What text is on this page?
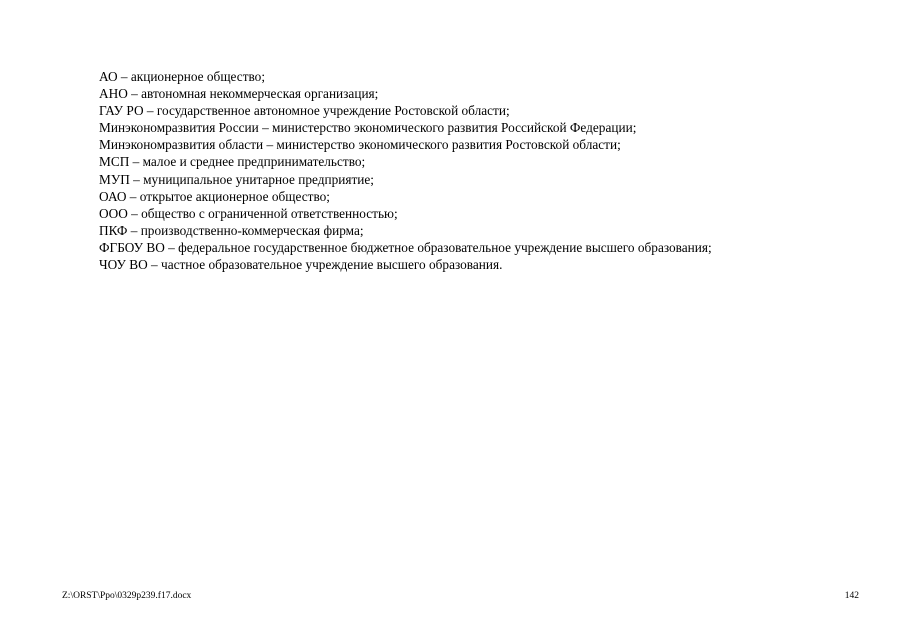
АО – акционерное общество;
АНО – автономная некоммерческая организация;
ГАУ РО – государственное автономное учреждение Ростовской области;
Минэкономразвития России – министерство экономического развития Российской Федерации;
Минэкономразвития области – министерство экономического развития Ростовской области;
МСП – малое и среднее предпринимательство;
МУП – муниципальное унитарное предприятие;
ОАО – открытое акционерное общество;
ООО – общество с ограниченной ответственностью;
ПКФ – производственно-коммерческая фирма;
ФГБОУ ВО – федеральное государственное бюджетное образовательное учреждение высшего образования;
ЧОУ ВО – частное образовательное учреждение высшего образования.
Z:\ORST\Ppo\0329p239.f17.docx	142
